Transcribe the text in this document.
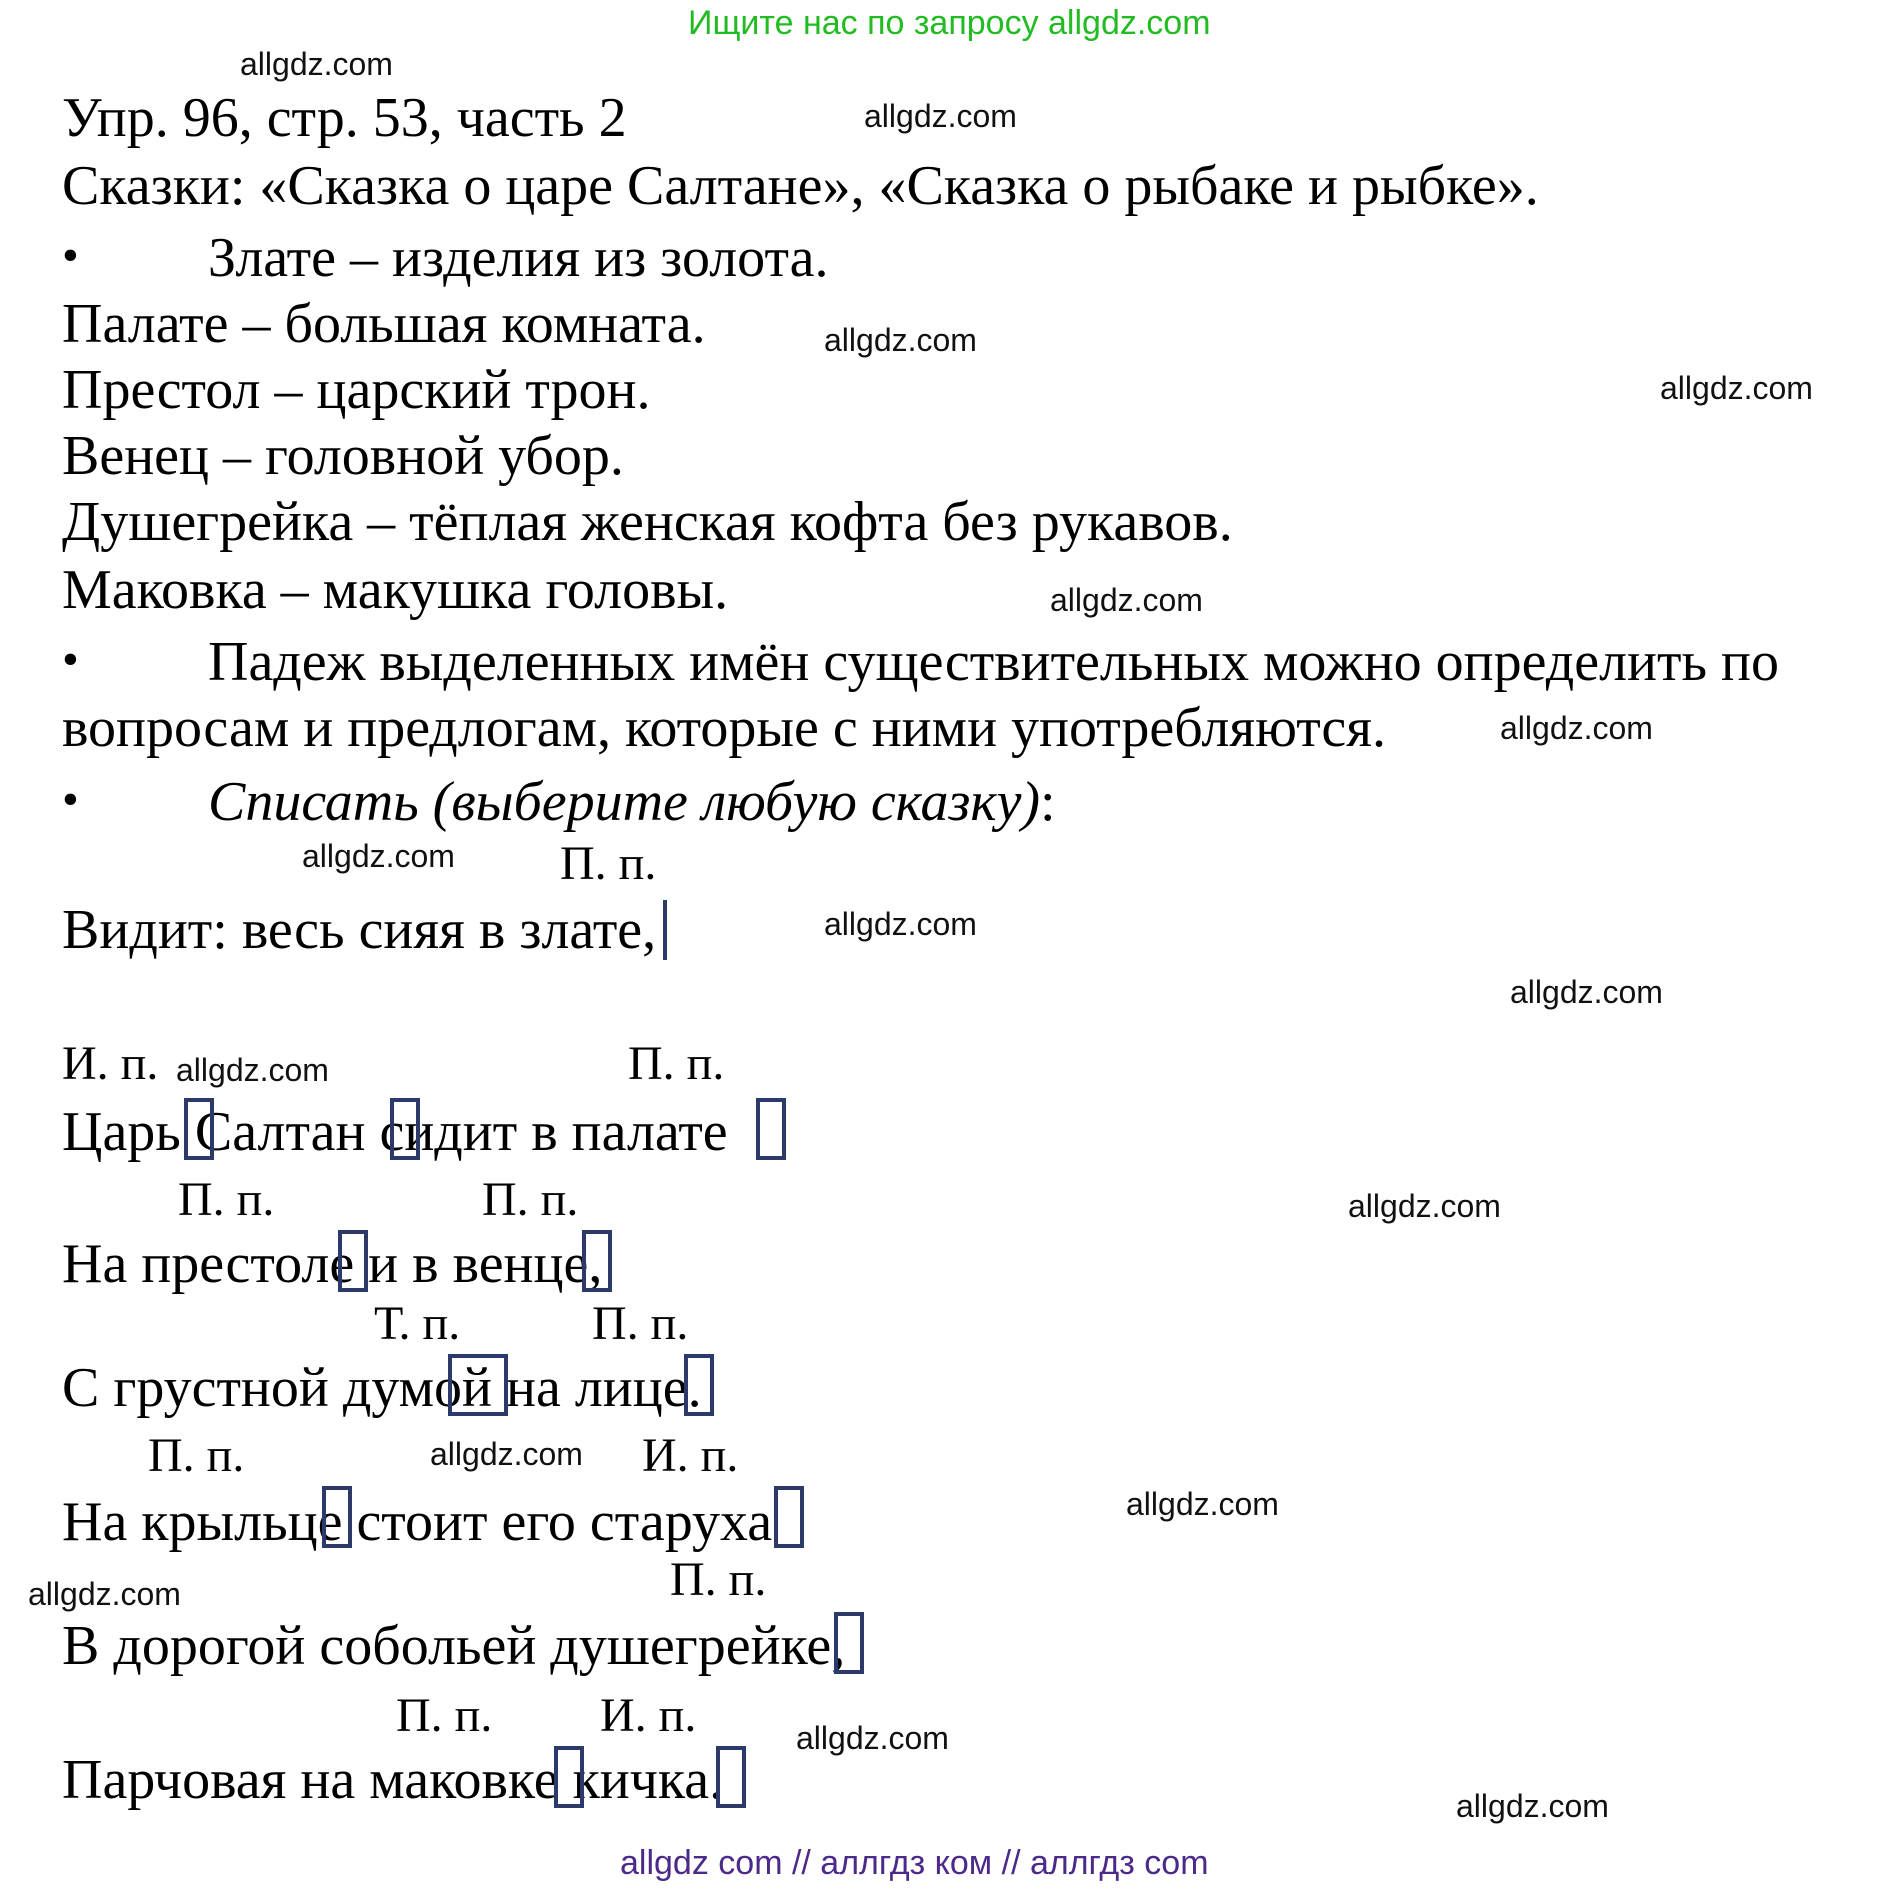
Ищите нас по запросу allgdz.com
Упр. 96, стр. 53, часть 2
Сказки: «Сказка о царе Салтане», «Сказка о рыбаке и рыбке».
• Злате – изделия из золота.
Палате – большая комната.
Престол – царский трон.
Венец – головной убор.
Душегрейка – тёплая женская кофта без рукавов.
Маковка – макушка головы.
• Падеж выделенных имён существительных можно определить по
вопросам и предлогам, которые с ними употребляются.
• Списать (выберите любую сказку):
П. п.
Видит: весь сияя в злате,
И. п.	П. п.
Царь Салтан сидит в палате
П. п.	П. п.
На престоле и в венце,
Т. п.	П. п.
С грустной думой на лице.
П. п.	И. п.
На крыльце стоит его старуха
П. п.
В дорогой собольей душегрейке,
П. п. И. п.
Парчовая на маковке кичка.
allgdz.com
allgdz.com
allgdz.com
allgdz.com
allgdz.com
allgdz.com
allgdz.com
allgdz.com
allgdz.com
allgdz.com
allgdz.com
allgdz.com
allgdz.com
allgdz.com
allgdz.com
allgdz.com
allgdz com // аллгдз ком // аллгдз com
